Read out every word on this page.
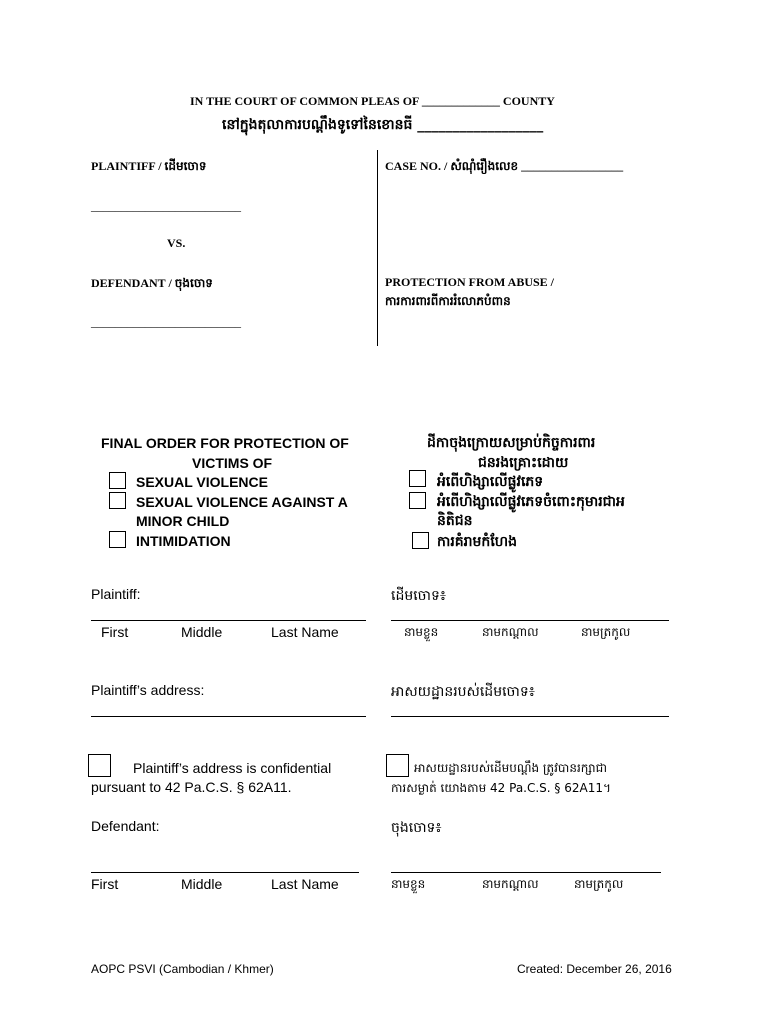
IN THE COURT OF COMMON PLEAS OF _____________ COUNTY
នៅក្នុងតុលាការបណ្ដឹងទូទៅនៃខោនធី __________________
PLAINTIFF / ដើមចោទ
_________________________
VS.
DEFENDANT / ចុងចោទ
_________________________
CASE NO. / សំណុំរឿងលេខ _________________
PROTECTION FROM ABUSE /
ការការពារពីការរំលោភបំពាន
FINAL ORDER FOR PROTECTION OF
VICTIMS OF
SEXUAL VIOLENCE
SEXUAL VIOLENCE AGAINST A
MINOR CHILD
INTIMIDATION
ដីកាចុងក្រោយសម្រាប់កិច្ចការពារ
ជនរងគ្រោះដោយ
អំពើហិង្សាលើផ្លូវភេទ
អំពើហិង្សាលើផ្លូវភេទចំពោះកុមារជាអ
និតិជន
ការគំរាមកំហែង
Plaintiff:	ដើមចោទ៖
First	Middle	Last Name	នាមខ្លួន	នាមកណ្ដាល	នាមត្រកូល
Plaintiff’s address:	អាសយដ្ឋានរបស់ដើមចោទ៖
Plaintiff’s address is confidential
pursuant to 42 Pa.C.S. § 62A11.
អាសយដ្ឋានរបស់ដើមបណ្ដឹង ត្រូវបានរក្សាជា
ការសម្ងាត់ យោងតាម 42 Pa.C.S. § 62A11។
Defendant:	ចុងចោទ៖
First	Middle	Last Name	នាមខ្លួន	នាមកណ្ដាល	នាមត្រកូល
AOPC PSVI (Cambodian / Khmer)	Created: December 26, 2016
